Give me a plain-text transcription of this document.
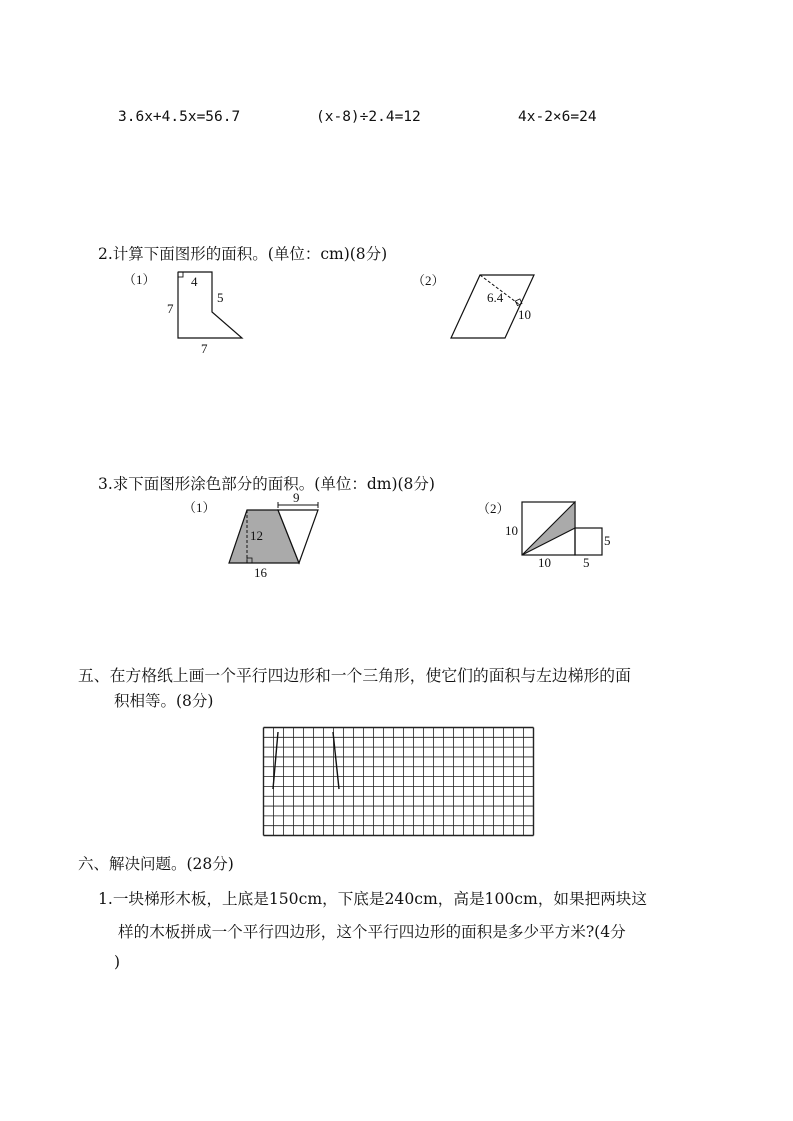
3.6x+4.5x=56.7	(x-8)÷2.4=12	4x-2×6=24
2.计算下面图形的面积。(单位：cm)(8分)
（1）	（2）
4
5
7
7
6.4
10
3.求下面图形涂色部分的面积。(单位：dm)(8分)
（1）	（2）
9
12
16
10
10
5
5
五、在方格纸上画一个平行四边形和一个三角形，使它们的面积与左边梯形的面
积相等。(8分)
六、解决问题。(28分)
1.一块梯形木板，上底是150cm，下底是240cm，高是100cm，如果把两块这
样的木板拼成一个平行四边形，这个平行四边形的面积是多少平方米?(4分
)
